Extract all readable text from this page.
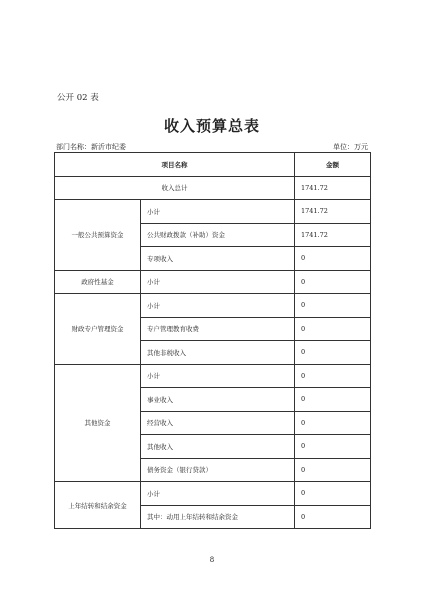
公开 02 表
收入预算总表
部门名称：新沂市纪委	单位：万元
项目名称		金额
收入总计		1741.72
一般公共预算资金	小计	1741.72
	公共财政拨款（补助）资金	1741.72
	专项收入	0
政府性基金	小计	0
财政专户管理资金	小计	0
	专户管理教育收费	0
	其他非税收入	0
其他资金	小计	0
	事业收入	0
	经营收入	0
	其他收入	0
	债务资金（银行贷款）	0
上年结转和结余资金	小计	0
	其中：动用上年结转和结余资金	0
8
